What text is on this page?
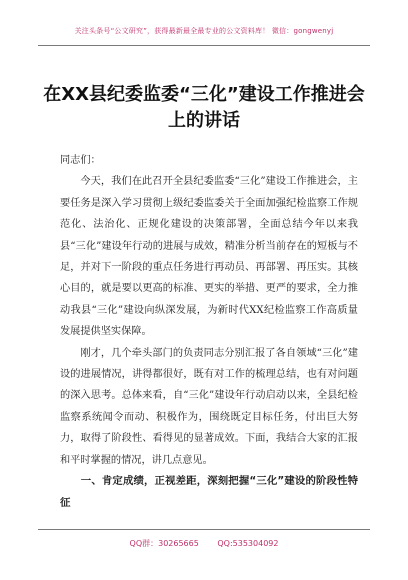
关注头条号“公文研究”，获得最新最全最专业的公文资料库！ 微信：gongwenyj
在XX县纪委监委“三化”建设工作推进会上的讲话

同志们：

今天，我们在此召开全县纪委监委“三化”建设工作推进会，主要任务是深入学习贯彻上级纪委监委关于全面加强纪检监察工作规范化、法治化、正规化建设的决策部署，全面总结今年以来我县“三化”建设年行动的进展与成效，精准分析当前存在的短板与不足，并对下一阶段的重点任务进行再动员、再部署、再压实。其核心目的，就是要以更高的标准、更实的举措、更严的要求，全力推动我县“三化”建设向纵深发展，为新时代XX纪检监察工作高质量发展提供坚实保障。

刚才，几个牵头部门的负责同志分别汇报了各自领域“三化”建设的进展情况，讲得都很好，既有对工作的梳理总结，也有对问题的深入思考。总体来看，自“三化”建设年行动启动以来，全县纪检监察系统闻令而动、积极作为，围绕既定目标任务，付出巨大努力，取得了阶段性、看得见的显著成效。下面，我结合大家的汇报和平时掌握的情况，讲几点意见。

一、肯定成绩，正视差距，深刻把握“三化”建设的阶段性特征

QQ群：30265665 QQ:535304092
